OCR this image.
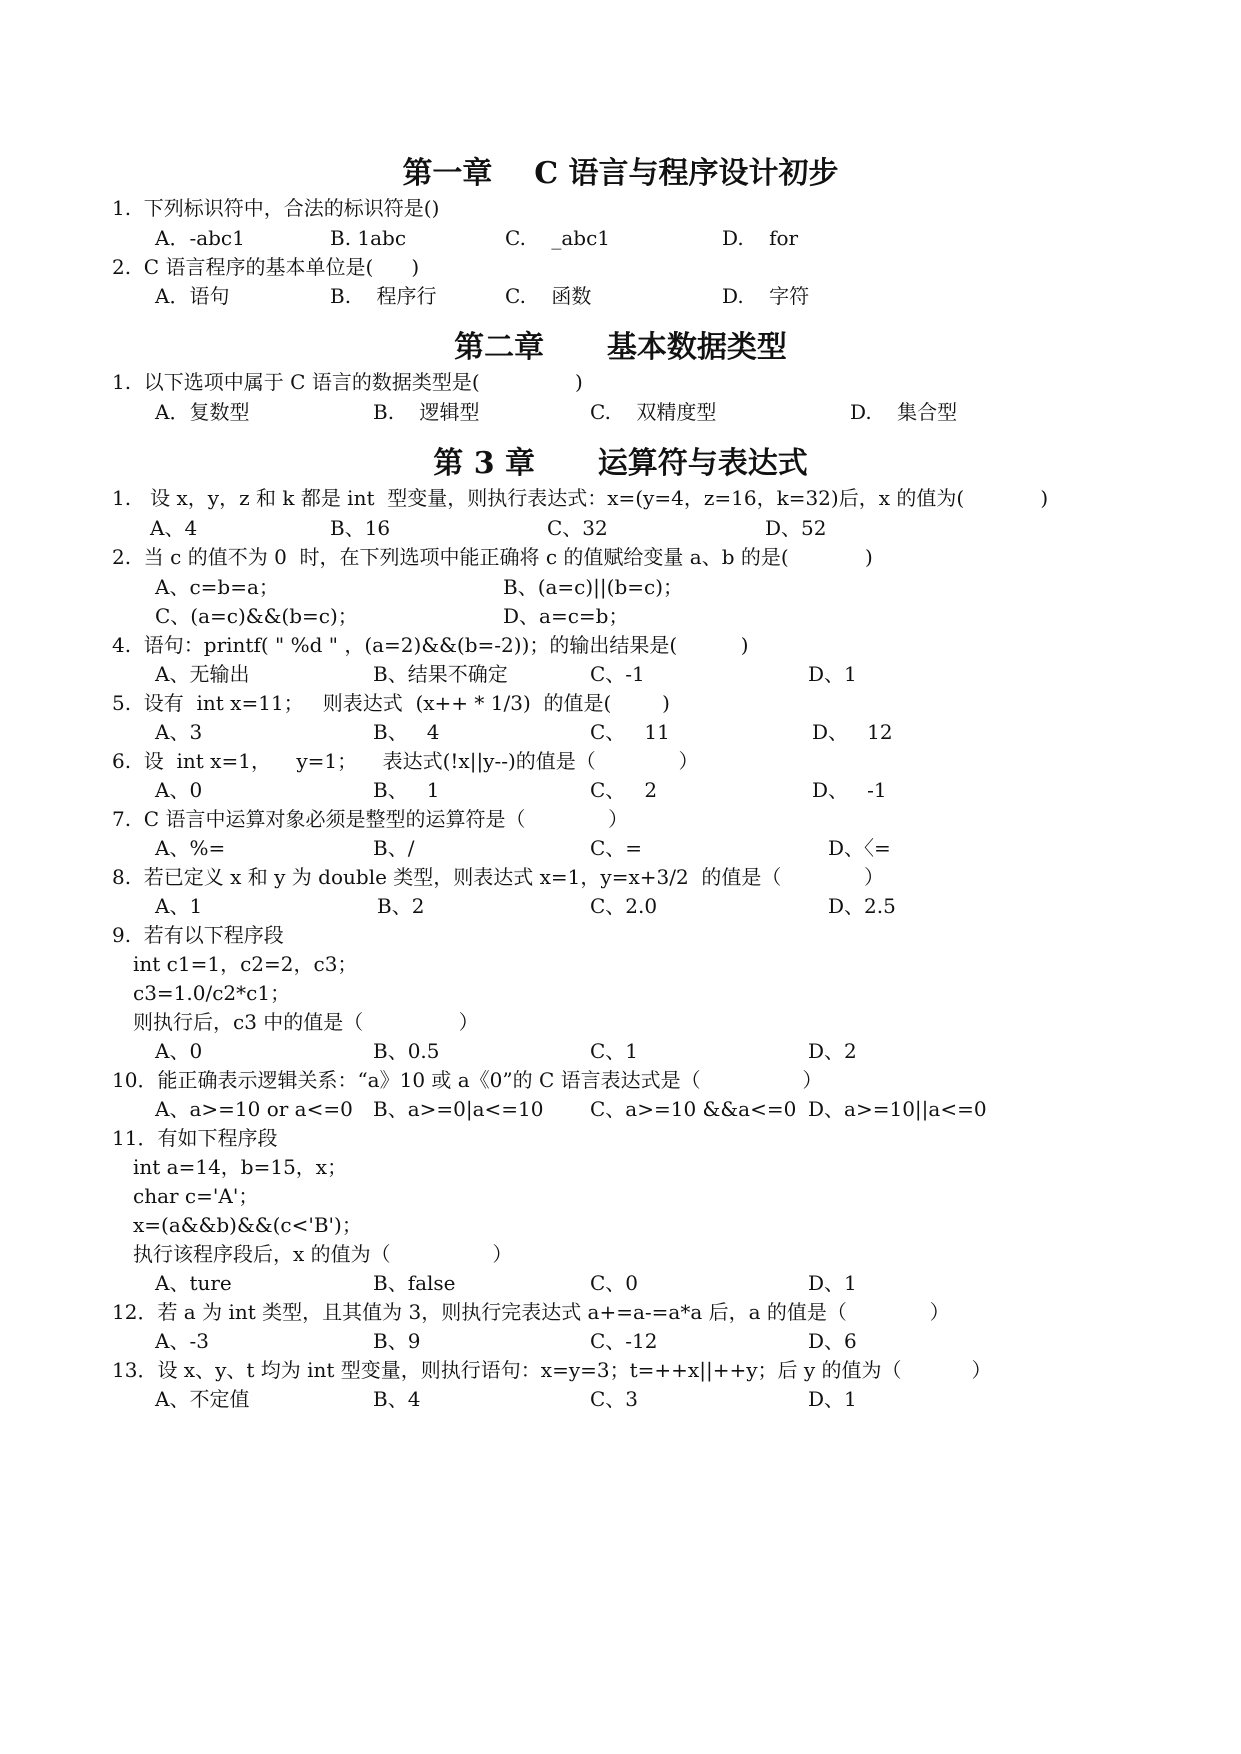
第一章    C 语言与程序设计初步
1.  下列标识符中，合法的标识符是()
A．-abc1	B. 1abc	C.    _abc1	D.    for
2.  C 语言程序的基本单位是(      )
A．语句	B.    程序行	C.    函数	D.    字符
第二章      基本数据类型
1.  以下选项中属于 C 语言的数据类型是(               )
A．复数型	B.    逻辑型	C.    双精度型	D.    集合型
第 3 章      运算符与表达式
1.   设 x，y，z 和 k 都是 int  型变量，则执行表达式：x=(y=4，z=16，k=32)后，x 的值为(            )
A、4	B、16	C、32	D、52
2.  当 c 的值不为 0  时，在下列选项中能正确将 c 的值赋给变量 a、b 的是(            )
A、c=b=a；	B、(a=c)||(b=c)；
C、(a=c)&&(b=c)；	D、a=c=b；
4.  语句：printf( " %d " ，(a=2)&&(b=-2))；的输出结果是(          )
A、无输出	B、结果不确定	C、-1	D、1
5.  设有  int x=11；   则表达式  (x++ * 1/3)  的值是(        )
A、3	B、   4	C、   11	D、   12
6.  设  int x=1，    y=1；    表达式(!x||y--)的值是（             ）
A、0	B、   1	C、   2	D、   -1
7.  C 语言中运算对象必须是整型的运算符是（             ）
A、%=	B、/	C、=	D、〈=
8.  若已定义 x 和 y 为 double 类型，则表达式 x=1，y=x+3/2  的值是（             ）
A、1	B、2	C、2.0	D、2.5
9.  若有以下程序段
int c1=1，c2=2，c3；
c3=1.0/c2*c1；
则执行后，c3 中的值是（               ）
A、0	B、0.5	C、1	D、2
10．能正确表示逻辑关系：“a》10 或 a《0”的 C 语言表达式是（                ）
A、a>=10 or a<=0 B、a>=0|a<=10 C、a>=10 &&a<=0 D、a>=10||a<=0
11．有如下程序段
int a=14，b=15，x；
char c='A'；
x=(a&&b)&&(c<'B')；
执行该程序段后，x 的值为（                ）
A、ture	B、false	C、0	D、1
12．若 a 为 int 类型，且其值为 3，则执行完表达式 a+=a-=a*a 后，a 的值是（             ）
A、-3	B、9	C、-12	D、6
13．设 x、y、t 均为 int 型变量，则执行语句：x=y=3；t=++x||++y；后 y 的值为（           ）
A、不定值	B、4	C、3	D、1
